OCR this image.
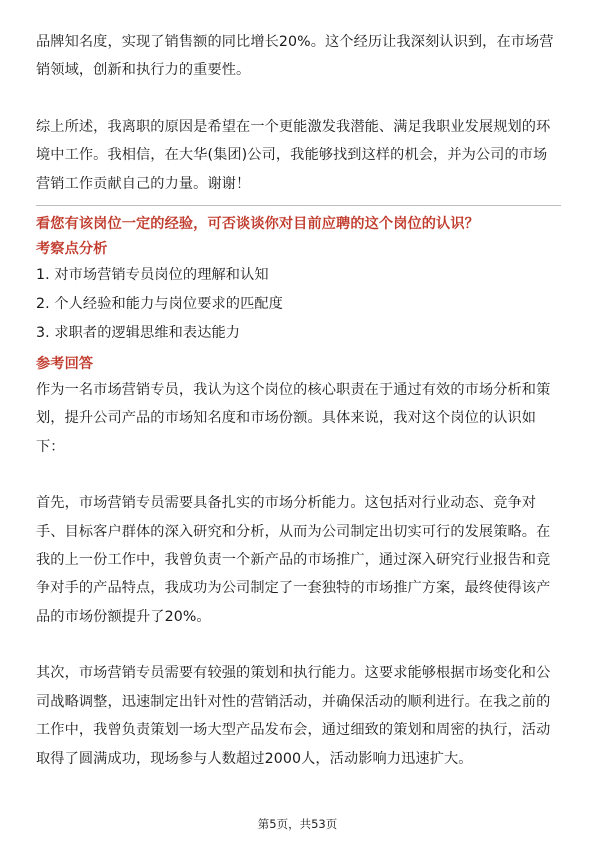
品牌知名度，实现了销售额的同比增长20%。这个经历让我深刻认识到，在市场营销领域，创新和执行力的重要性。

综上所述，我离职的原因是希望在一个更能激发我潜能、满足我职业发展规划的环境中工作。我相信，在大华(集团)公司，我能够找到这样的机会，并为公司的市场营销工作贡献自己的力量。谢谢！

看您有该岗位一定的经验，可否谈谈你对目前应聘的这个岗位的认识？

考察点分析

1. 对市场营销专员岗位的理解和认知

2. 个人经验和能力与岗位要求的匹配度

3. 求职者的逻辑思维和表达能力

参考回答

作为一名市场营销专员，我认为这个岗位的核心职责在于通过有效的市场分析和策划，提升公司产品的市场知名度和市场份额。具体来说，我对这个岗位的认识如下：

首先，市场营销专员需要具备扎实的市场分析能力。这包括对行业动态、竞争对手、目标客户群体的深入研究和分析，从而为公司制定出切实可行的发展策略。在我的上一份工作中，我曾负责一个新产品的市场推广，通过深入研究行业报告和竞争对手的产品特点，我成功为公司制定了一套独特的市场推广方案，最终使得该产品的市场份额提升了20%。

其次，市场营销专员需要有较强的策划和执行能力。这要求能够根据市场变化和公司战略调整，迅速制定出针对性的营销活动，并确保活动的顺利进行。在我之前的工作中，我曾负责策划一场大型产品发布会，通过细致的策划和周密的执行，活动取得了圆满成功，现场参与人数超过2000人，活动影响力迅速扩大。

第5页，共53页
